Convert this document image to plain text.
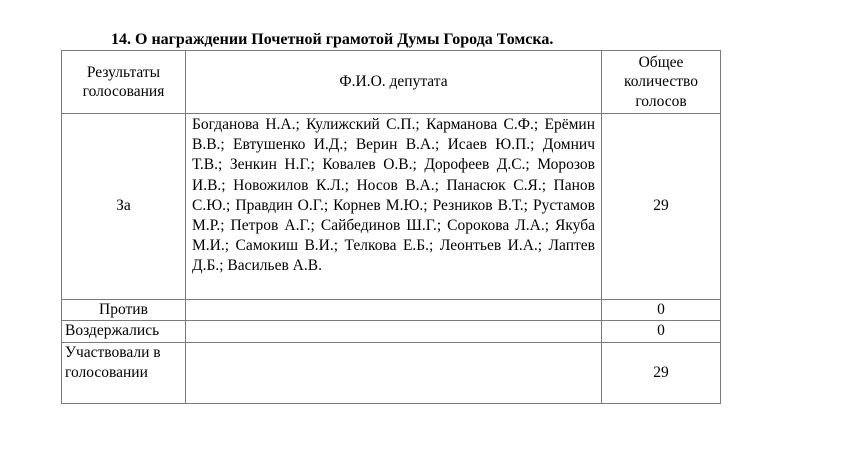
14. О награждении Почетной грамотой Думы Города Томска.
Результаты голосования	Ф.И.О. депутата	Общее количество голосов
За	Богданова Н.А.; Кулижский С.П.; Карманова С.Ф.; Ерёмин В.В.; Евтушенко И.Д.; Верин В.А.; Исаев Ю.П.; Домнич Т.В.; Зенкин Н.Г.; Ковалев О.В.; Дорофеев Д.С.; Морозов И.В.; Новожилов К.Л.; Носов В.А.; Панасюк С.Я.; Панов С.Ю.; Правдин О.Г.; Корнев М.Ю.; Резников В.Т.; Рустамов М.Р.; Петров А.Г.; Сайбединов Ш.Г.; Сорокова Л.А.; Якуба М.И.; Самокиш В.И.; Телкова Е.Б.; Леонтьев И.А.; Лаптев Д.Б.; Васильев А.В.	29
Против		0
Воздержались		0
Участвовали в голосовании		29
